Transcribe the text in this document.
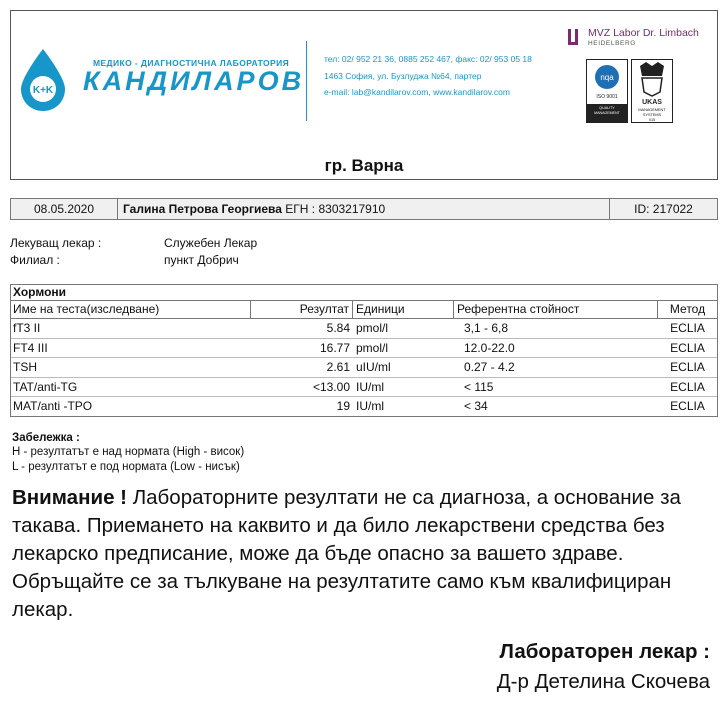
K+K
МЕДИКО - ДИАГНОСТИЧНА ЛАБОРАТОРИЯ
КАНДИЛАРОВ
тел: 02/ 952 21 36, 0885 252 467, факс: 02/ 953 05 18
1463 София, ул. Бузлуджа №64, партер
e-mail: lab@kandilarov.com, www.kandilarov.com
MVZ Labor Dr. Limbach
HEIDELBERG
nqa
ISO 9001
QUALITY MANAGEMENT
UKAS
MANAGEMENT SYSTEMS
015
гр. Варна
08.05.2020	Галина Петрова Георгиева ЕГН : 8303217910	ID: 217022
Лекуващ лекар :	Служебен Лекар
Филиал :	пункт Добрич
Хормони
Име на теста(изследване)	Резултат Единици	Референтна стойност	Метод
fT3 II	5.84 pmol/l	3,1 - 6,8	ECLIA
FT4 III	16.77 pmol/l	12.0-22.0	ECLIA
TSH	2.61 uIU/ml	0.27 - 4.2	ECLIA
TAT/anti-TG	<13.00 IU/ml	< 115	ECLIA
MAT/anti -TPO	19 IU/ml	< 34	ECLIA
Забележка :
H - резултатът е над нормата (High - висок)
L - резултатът е под нормата (Low - нисък)
Внимание ! Лабораторните резултати не са диагноза, а основание за такава. Приемането на каквито и да било лекарствени средства без лекарско предписание, може да бъде опасно за вашето здраве. Обръщайте се за тълкуване на резултатите само към квалифициран лекар.
Лабораторен лекар :
Д-р Детелина Скочева
